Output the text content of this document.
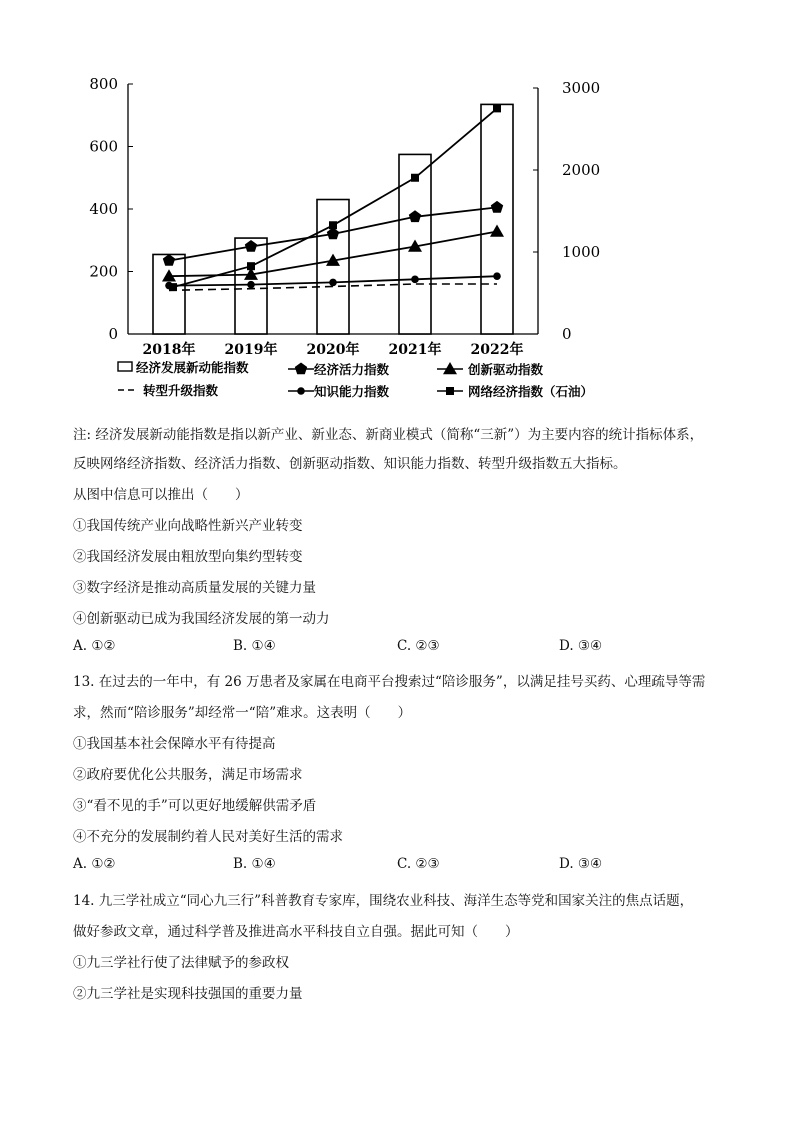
800
600
400
200
0
3000
2000
1000
0
2018年 2019年 2020年 2021年 2022年
经济发展新动能指数	经济活力指数	创新驱动指数
转型升级指数	知识能力指数	网络经济指数（石油）
注: 经济发展新动能指数是指以新产业、新业态、新商业模式（简称“三新”）为主要内容的统计指标体系，
反映网络经济指数、经济活力指数、创新驱动指数、知识能力指数、转型升级指数五大指标。
从图中信息可以推出（　　）
①我国传统产业向战略性新兴产业转变
②我国经济发展由粗放型向集约型转变
③数字经济是推动高质量发展的关键力量
④创新驱动已成为我国经济发展的第一动力
A. ①②	B. ①④	C. ②③	D. ③④
13. 在过去的一年中，有 26 万患者及家属在电商平台搜索过“陪诊服务”，以满足挂号买药、心理疏导等需
求，然而“陪诊服务”却经常一“陪”难求。这表明（　　）
①我国基本社会保障水平有待提高
②政府要优化公共服务，满足市场需求
③“看不见的手”可以更好地缓解供需矛盾
④不充分的发展制约着人民对美好生活的需求
A. ①②	B. ①④	C. ②③	D. ③④
14. 九三学社成立“同心九三行”科普教育专家库，围绕农业科技、海洋生态等党和国家关注的焦点话题，
做好参政文章，通过科学普及推进高水平科技自立自强。据此可知（　　）
①九三学社行使了法律赋予的参政权
②九三学社是实现科技强国的重要力量
